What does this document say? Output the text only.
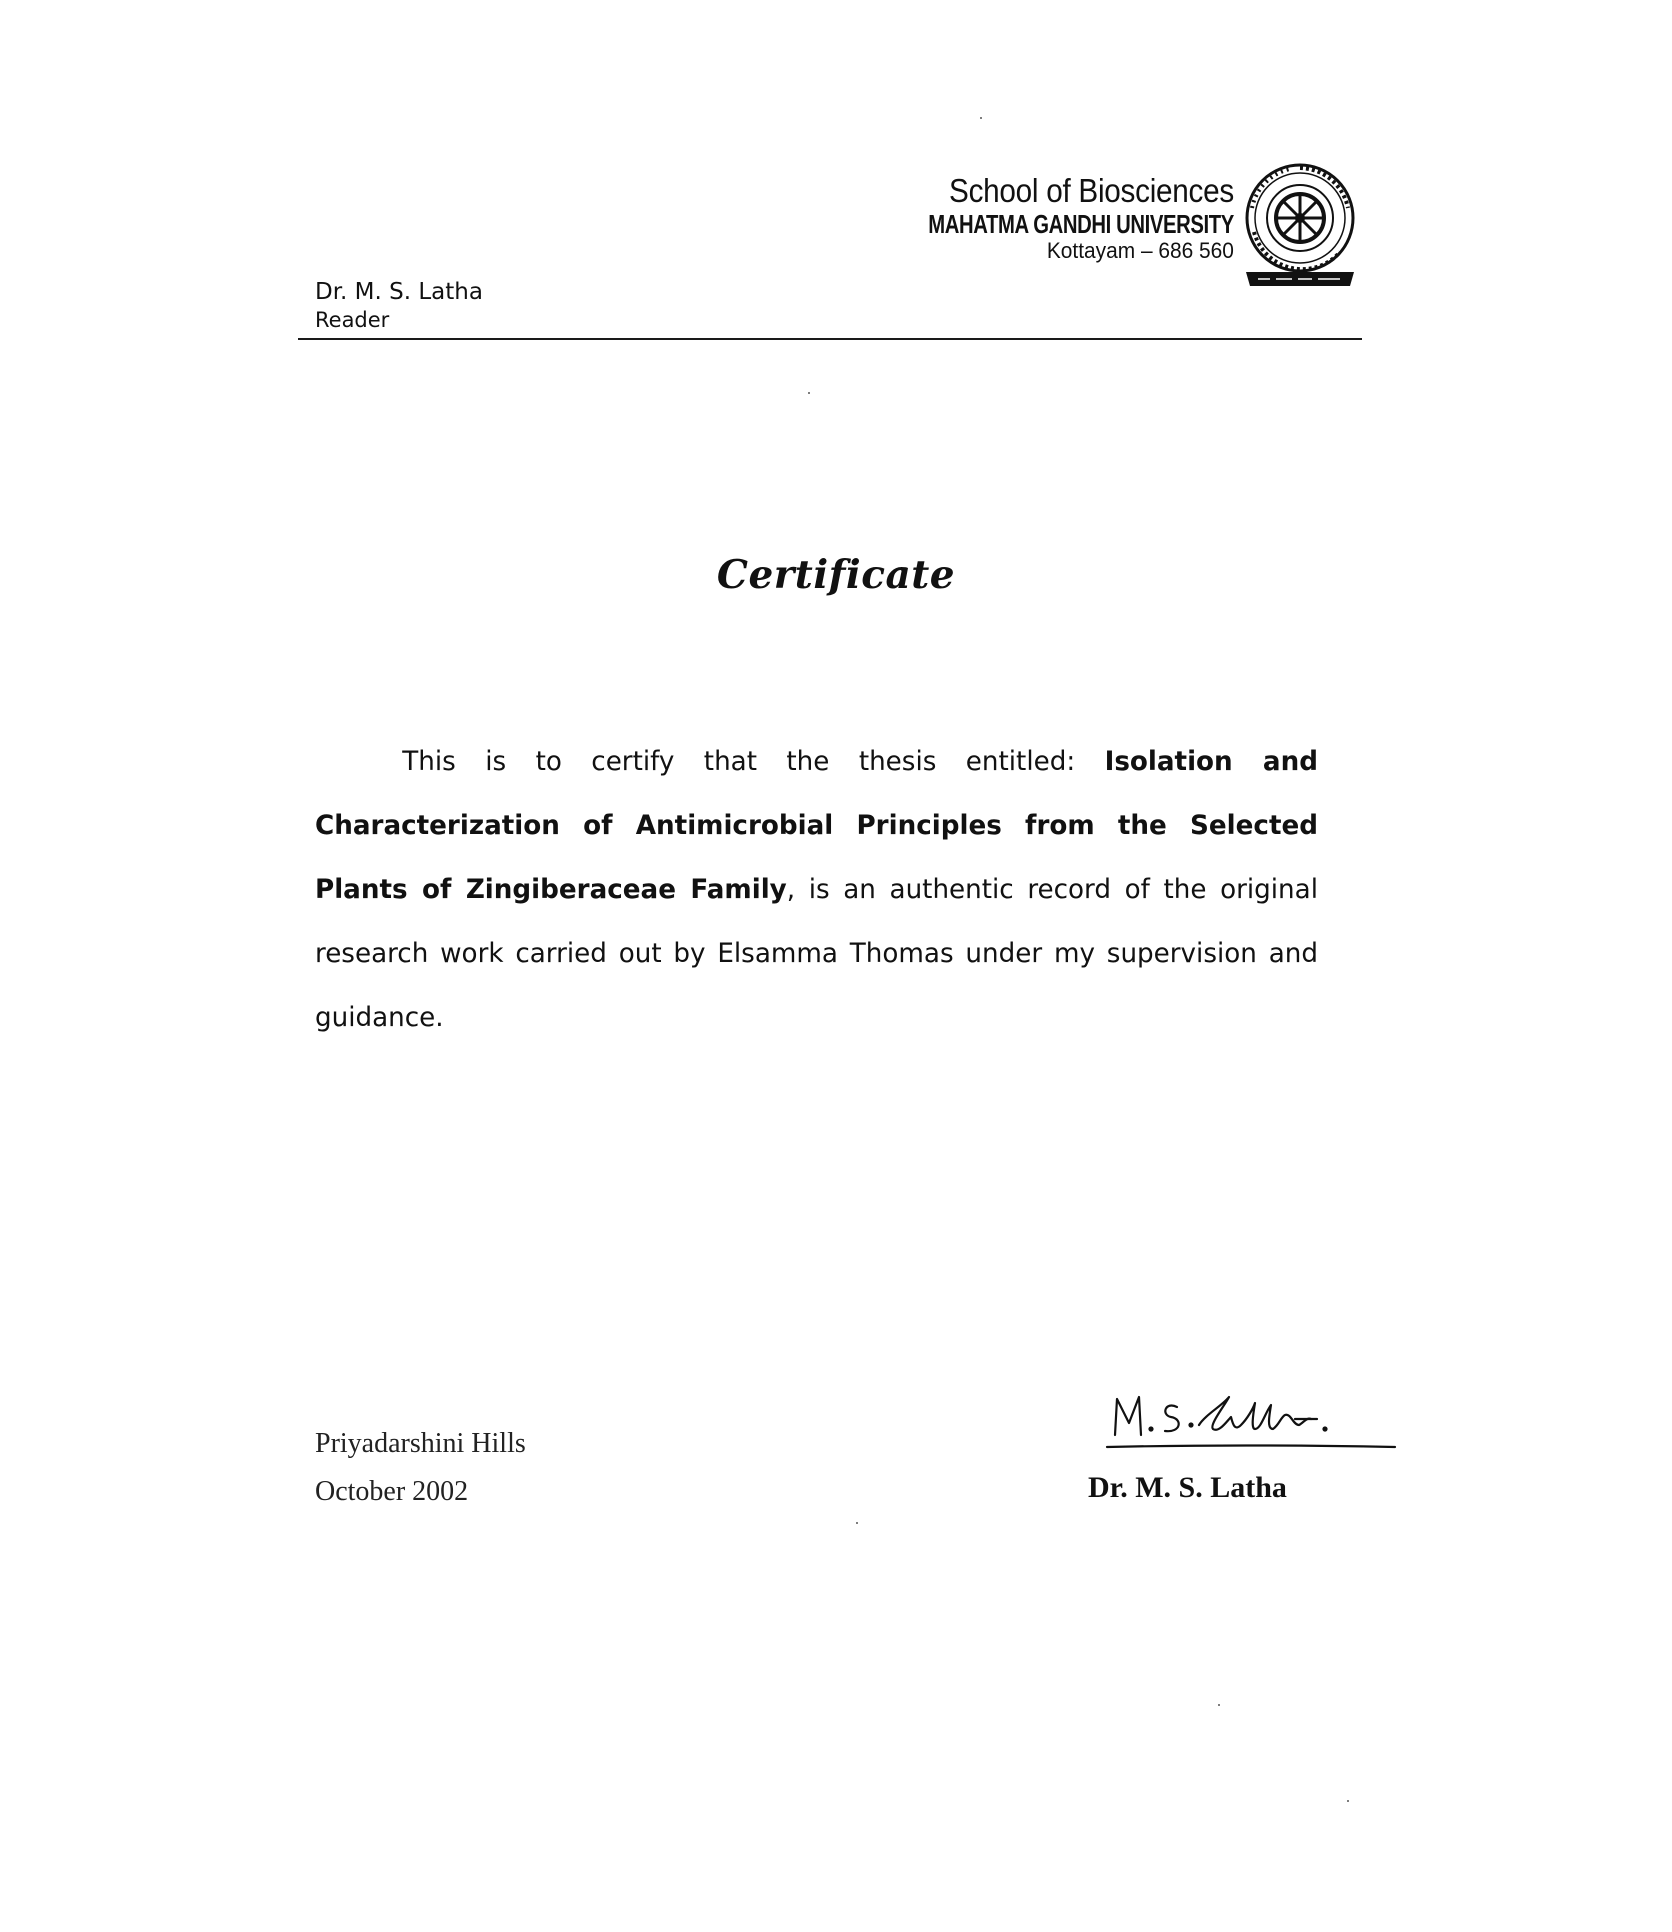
School of Biosciences
MAHATMA GANDHI UNIVERSITY
Kottayam – 686 560
Dr. M. S. Latha
Reader
Certificate
This is to certify that the thesis entitled: Isolation and Characterization of Antimicrobial Principles from the Selected Plants of Zingiberaceae Family, is an authentic record of the original research work carried out by Elsamma Thomas under my supervision and guidance.
Priyadarshini Hills
October 2002	Dr. M. S. Latha
